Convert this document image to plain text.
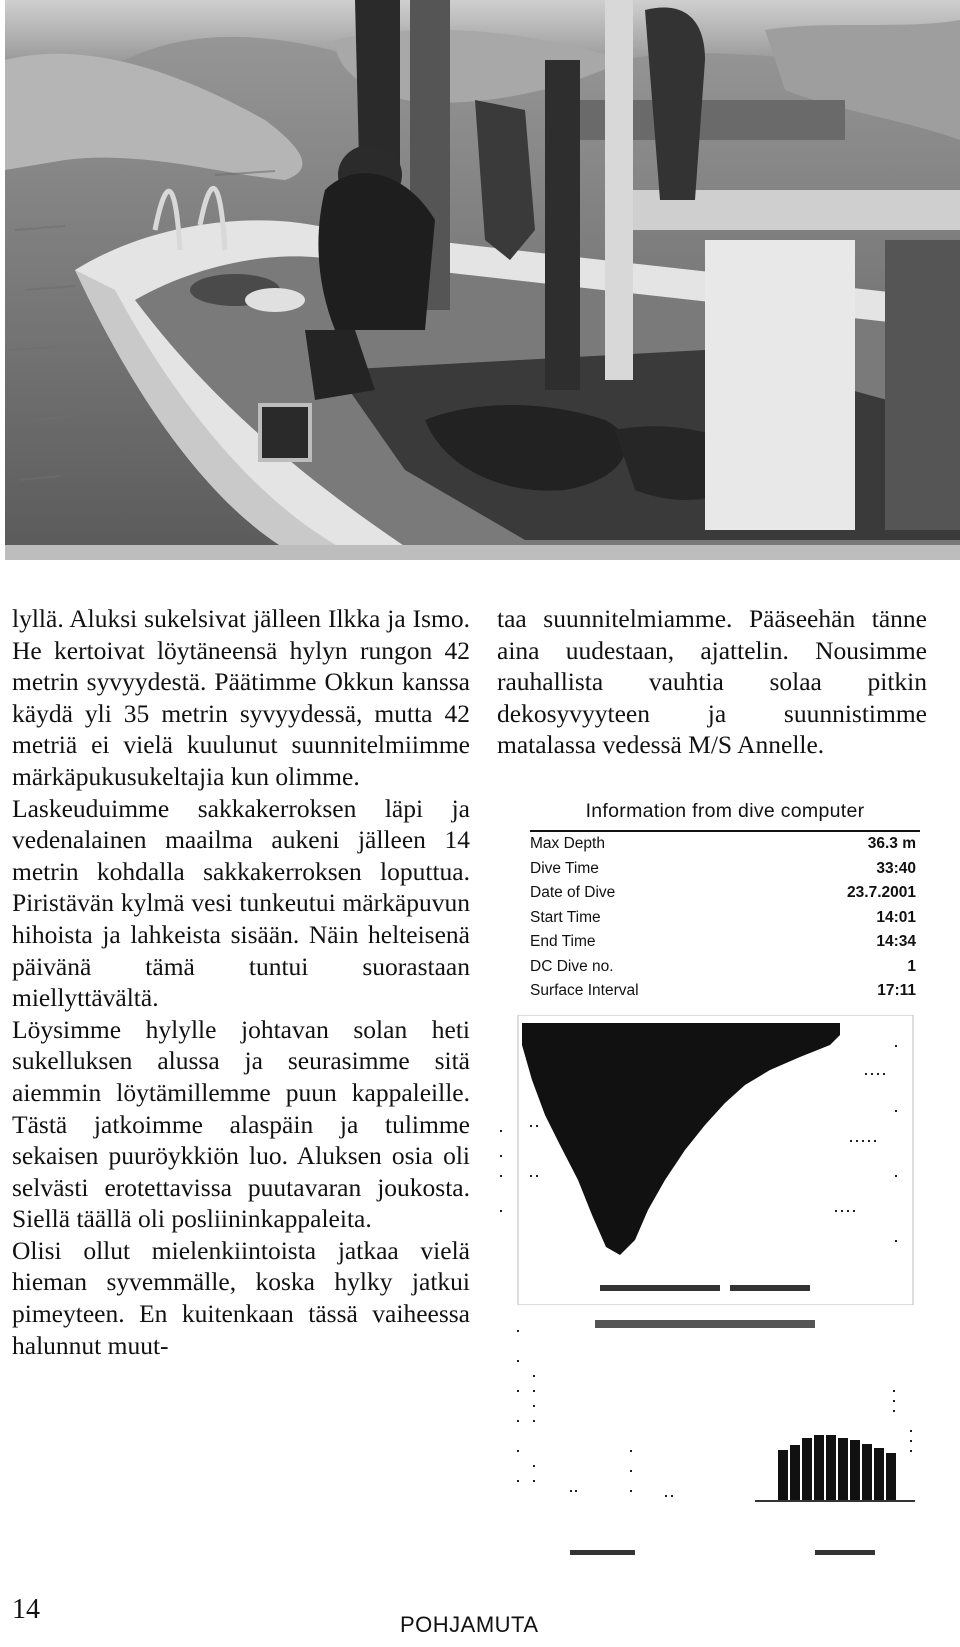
lyllä. Aluksi sukelsivat jälleen Ilkka ja Ismo. He kertoivat löytäneensä hylyn rungon 42 metrin syvyydestä. Päätimme Okkun kanssa käydä yli 35 metrin syvyydessä, mutta 42 metriä ei vielä kuulunut suunnitelmiimme märkäpukusukeltajia kun olimme.

Laskeuduimme sakkakerroksen läpi ja vedenalainen maailma aukeni jälleen 14 metrin kohdalla sakkakerroksen loputtua. Piristävän kylmä vesi tunkeutui märkäpuvun hihoista ja lahkeista sisään. Näin helteisenä päivänä tämä tuntui suorastaan miellyttävältä.

Löysimme hylylle johtavan solan heti sukelluksen alussa ja seurasimme sitä aiemmin löytämillemme puun kappaleille. Tästä jatkoimme alaspäin ja tulimme sekaisen puuröykkiön luo. Aluksen osia oli selvästi erotettavissa puutavaran joukosta. Siellä täällä oli posliininkappaleita.

Olisi ollut mielenkiintoista jatkaa vielä hieman syvemmälle, koska hylky jatkui pimeyteen. En kuitenkaan tässä vaiheessa halunnut muut-

taa suunnitelmiamme. Pääseehän tänne aina uudestaan, ajattelin. Nousimme rauhallista vauhtia solaa pitkin dekosyvyyteen ja suunnistimme matalassa vedessä M/S Annelle.

Information from dive computer
Max Depth	36.3 m
Dive Time	33:40
Date of Dive	23.7.2001
Start Time	14:01
End Time	14:34
DC Dive no.	1
Surface Interval	17:11
14	POHJAMUTA
